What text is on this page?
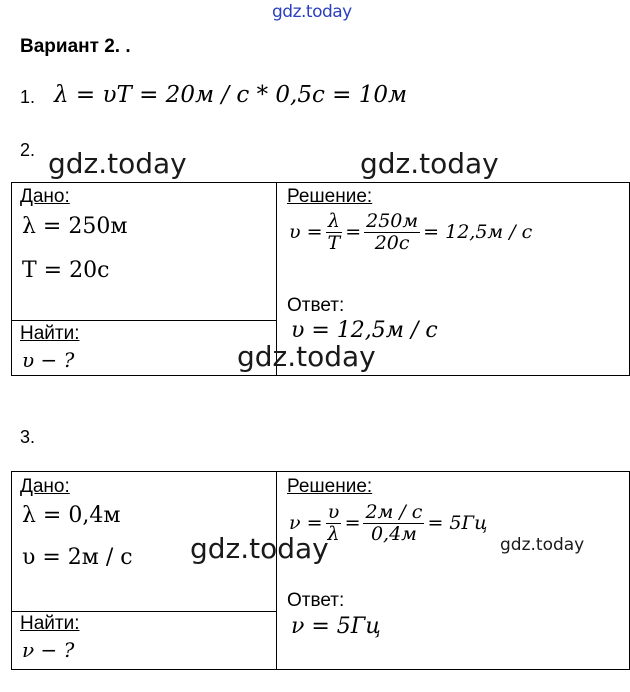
gdz.today
Вариант 2. .
1. λ = υT = 20м / с * 0,5с = 10м
2. gdz.today	gdz.today
Дано:
λ = 250м
T = 20с
Найти:
υ − ?
Решение:
$\upsilon = \frac{\lambda}{T} = \frac{250м}{20с} = 12,5м / с$
Ответ:
υ = 12,5м / с
gdz.today
3.
Дано:
λ = 0,4м
υ = 2м / с
Найти:
ν − ?
Решение:
$\nu = \frac{\upsilon}{\lambda} = \frac{2м / с}{0,4м} = 5Гц$
gdz.today
Ответ:
ν = 5Гц
gdz.today
